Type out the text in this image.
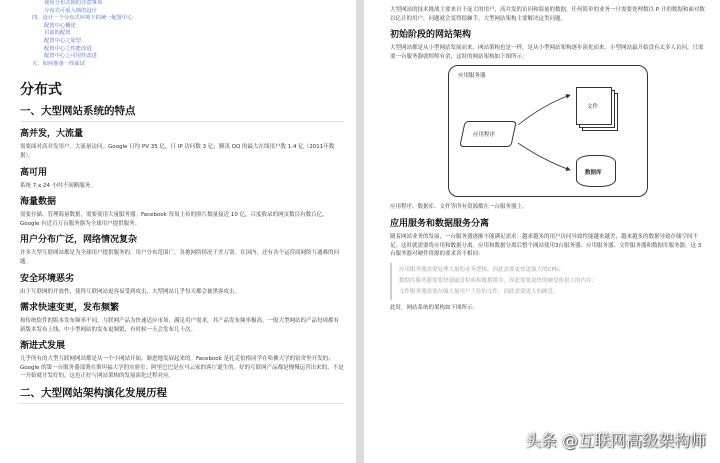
使用分布式锁的注意事项
分布式可重入锁的设计
四、设计一个分布式环境下的统一配置中心
配置中心概述
目前的配置
配置中心之原型
配置中心之性能改进
配置中心之可用性改进
五、如何准备一终面试
分布式
一、大型网站系统的特点
高并发，大流量

需要面对高并发用户、大流量访问。Google 日均 PV 35 亿，日 IP 访问数 3 亿；腾讯 QQ 的最大在线用户数 1.4 亿（2011年数据）。

高可用

系统 7 x 24 小时不间断服务。

海量数据

需要存储、管理海量数据，需要使用大量服务器。Facebook 每周上传的照片数量接近 10 亿，百度收录的网页数目有数百亿，Google 有近百万台服务器为全球用户提供服务。

用户分布广泛，网络情况复杂

许多大型互联网站都是为全球用户提供服务的，用户分布范围广，各地网络情况千差万别。在国内，还有各个运营商网络互通难的问题。

安全环境恶劣

由于互联网的开放性，使得互联网站更容易受到攻击，大型网站几乎每天都会被黑客攻击。

需求快速变更，发布频繁

和传统软件的版本发布频率不同，互联网产品为快速适应市场，满足用户需求，其产品发布频率极高。一般大型网站的产品每周都有新版本发布上线，中小型网站的发布更频繁，有时候一天会发布几十次。

渐进式发展

几乎所有的大型互联网网站都是从一个小网站开始，渐进地发展起来的。Facebook 是扎克伯格同学在哈佛大学的宿舍里开发的；Google 的第一台服务器部署在斯坦福大学的实验室；阿里巴巴是在马云家的客厅诞生的。好的互联网产品都是慢慢运营出来的，不是一开始就开发好的，这也正好与网站架构的发展演化过程对应。

二、大型网站架构演化发展历程

大型网站的技术挑战主要来自于庞大的用户，高并发的访问和海量的数据，任何简单的业务一旦需要处理数以 P 计的数据和面对数以亿计的用户，问题就会变得很棘手。大型网站架构主要解决这类问题。

初始阶段的网站架构

大型网站都是从小型网站发展而来，网站架构也是一样，是从小型网站架构逐步演化而来。小型网站最开始没有太多人访问，只需要一台服务器就绰绰有余，这时的网站架构如下图所示：

应用服务器
文件
应用程序
数据库

应用程序、数据库、文件等所有资源都在一台服务器上。

应用服务和数据服务分离

随着网站业务的发展，一台服务器逐渐不能满足需求：越来越多的用户访问导致性能越来越差，越来越多的数据导致存储空间不足。这时就需要将应用和数据分离。应用和数据分离后整个网站使用3台服务器：应用服务器、文件服务器和数据库服务器。这 3 台服务器对硬件资源的要求各不相同：

应用服务器需要处理大量的业务逻辑，因此需要更快更强大的CPU；

数据库服务器需要快速磁盘检索和数据缓存，因此需要更快的硬盘和更大的内存；

文件服务器需要存储大量用户上传的文件，因此需要更大的硬盘。

此时，网站系统的架构如下图所示：

头条 @互联网高级架构师
